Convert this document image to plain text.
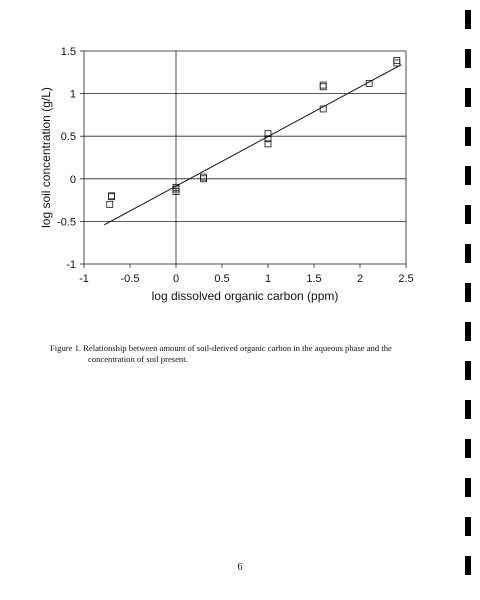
-1	-0.5	0	0.5	1	1.5	2	2.5
-1
-0.5
0
0.5
1
1.5
log dissolved organic carbon (ppm)
log soil concentration (g/L)
Figure 1. Relationship between amount of soil-derived organic carbon in the aqueous phase and the
concentration of soil present.
6
